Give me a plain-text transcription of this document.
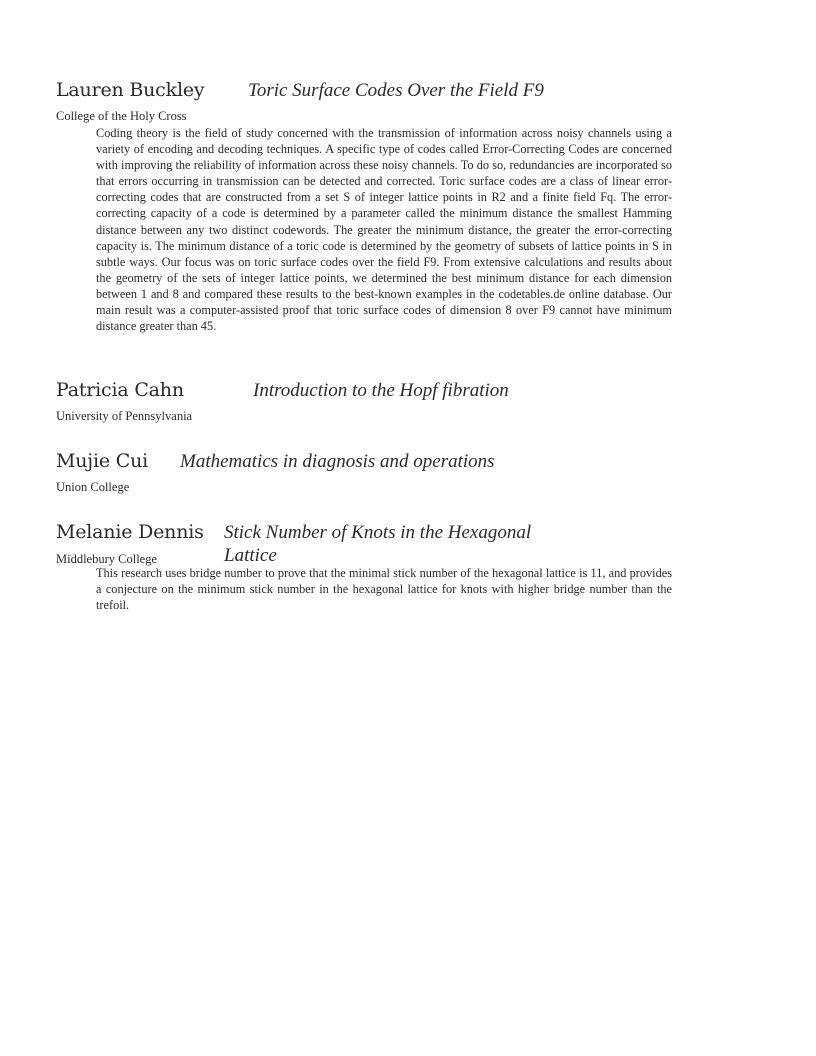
Lauren Buckley Toric Surface Codes Over the Field F9
College of the Holy Cross
Coding theory is the field of study concerned with the transmission of information across noisy channels using a variety of encoding and decoding techniques. A specific type of codes called Error-Correcting Codes are concerned with improving the reliability of information across these noisy channels. To do so, redundancies are incorporated so that errors occurring in transmission can be detected and corrected. Toric surface codes are a class of linear error-correcting codes that are constructed from a set S of integer lattice points in R2 and a finite field Fq. The error-correcting capacity of a code is determined by a parameter called the minimum distance the smallest Hamming distance between any two distinct codewords. The greater the minimum distance, the greater the error-correcting capacity is. The minimum distance of a toric code is determined by the geometry of subsets of lattice points in S in subtle ways. Our focus was on toric surface codes over the field F9. From extensive calculations and results about the geometry of the sets of integer lattice points, we determined the best minimum distance for each dimension between 1 and 8 and compared these results to the best-known examples in the codetables.de online database. Our main result was a computer-assisted proof that toric surface codes of dimension 8 over F9 cannot have minimum distance greater than 45.
Patricia Cahn	Introduction to the Hopf fibration
University of Pennsylvania
Mujie Cui Mathematics in diagnosis and operations
Union College
Melanie Dennis Stick Number of Knots in the Hexagonal
Middlebury College	Lattice
This research uses bridge number to prove that the minimal stick number of the hexagonal lattice is 11, and provides a conjecture on the minimum stick number in the hexagonal lattice for knots with higher bridge number than the trefoil.
